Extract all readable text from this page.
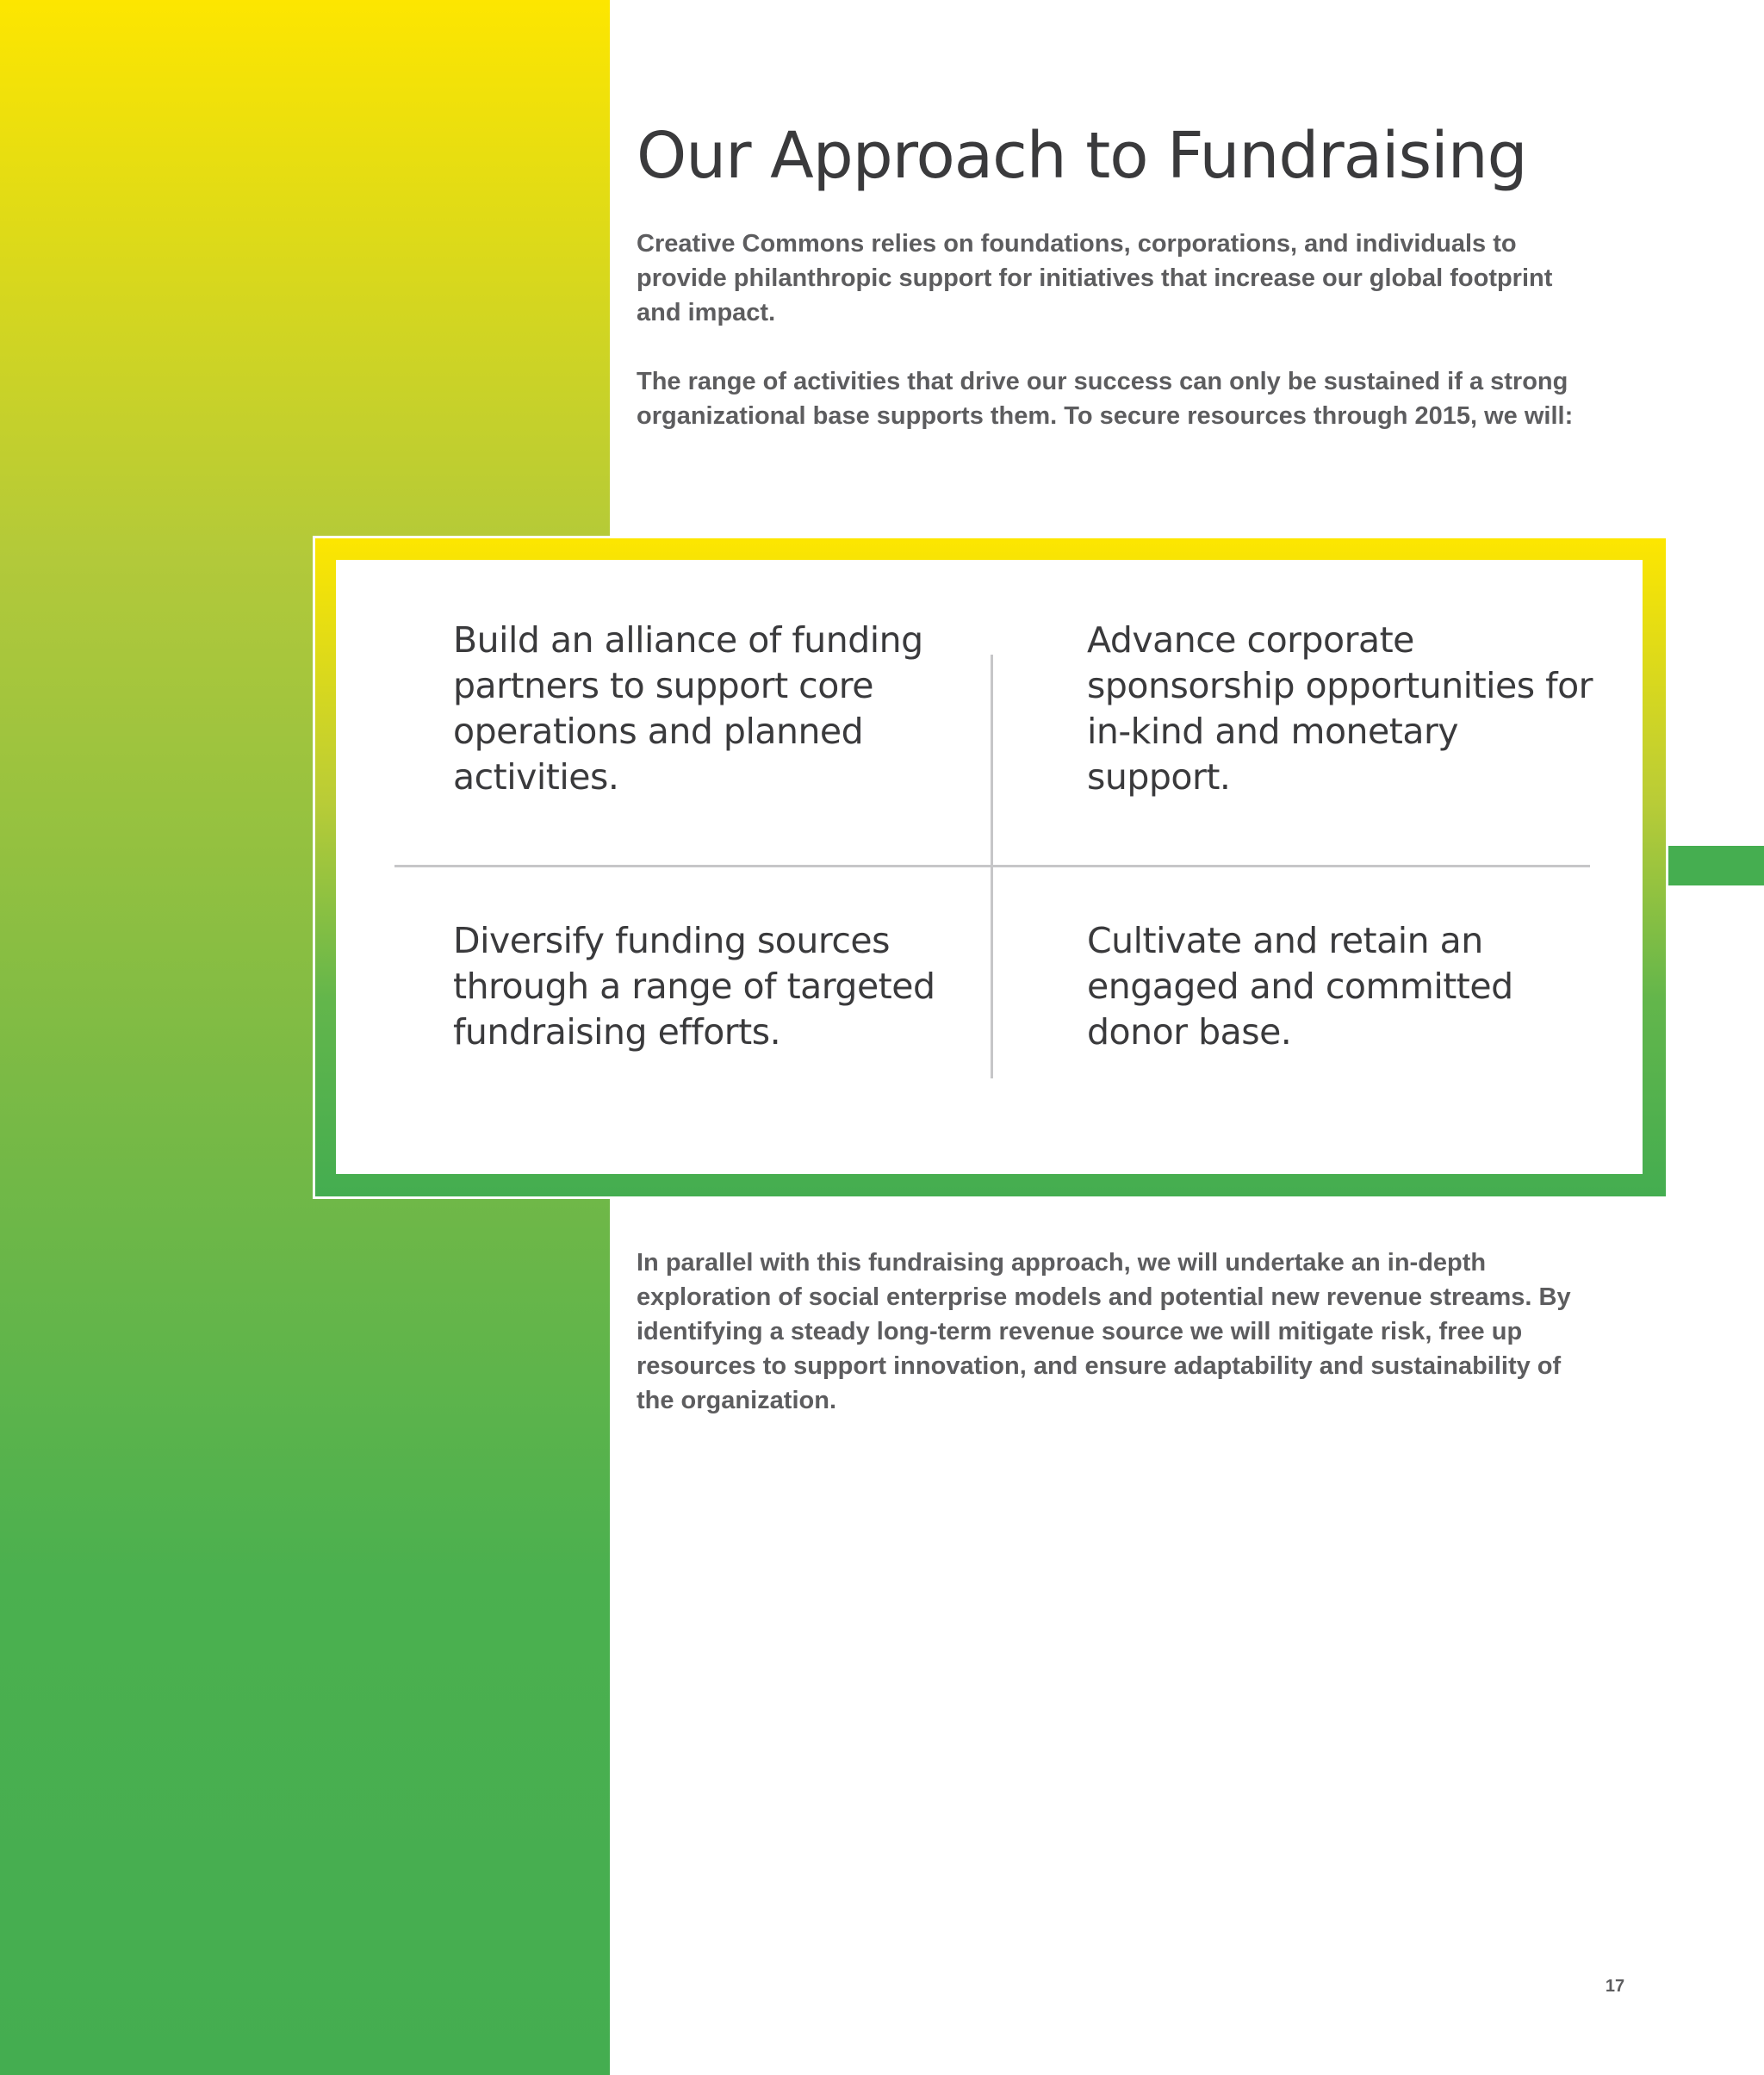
Our Approach to Fundraising

Creative Commons relies on foundations, corporations, and individuals to provide philanthropic support for initiatives that increase our global footprint and impact.

The range of activities that drive our success can only be sustained if a strong organizational base supports them. To secure resources through 2015, we will:

Build an alliance of funding partners to support core operations and planned activities.

Advance corporate sponsorship opportunities for in-kind and monetary support.

Diversify funding sources through a range of targeted fundraising efforts.

Cultivate and retain an engaged and committed donor base.

In parallel with this fundraising approach, we will undertake an in-depth exploration of social enterprise models and potential new revenue streams. By identifying a steady long-term revenue source we will mitigate risk, free up resources to support innovation, and ensure adaptability and sustainability of the organization.

17
